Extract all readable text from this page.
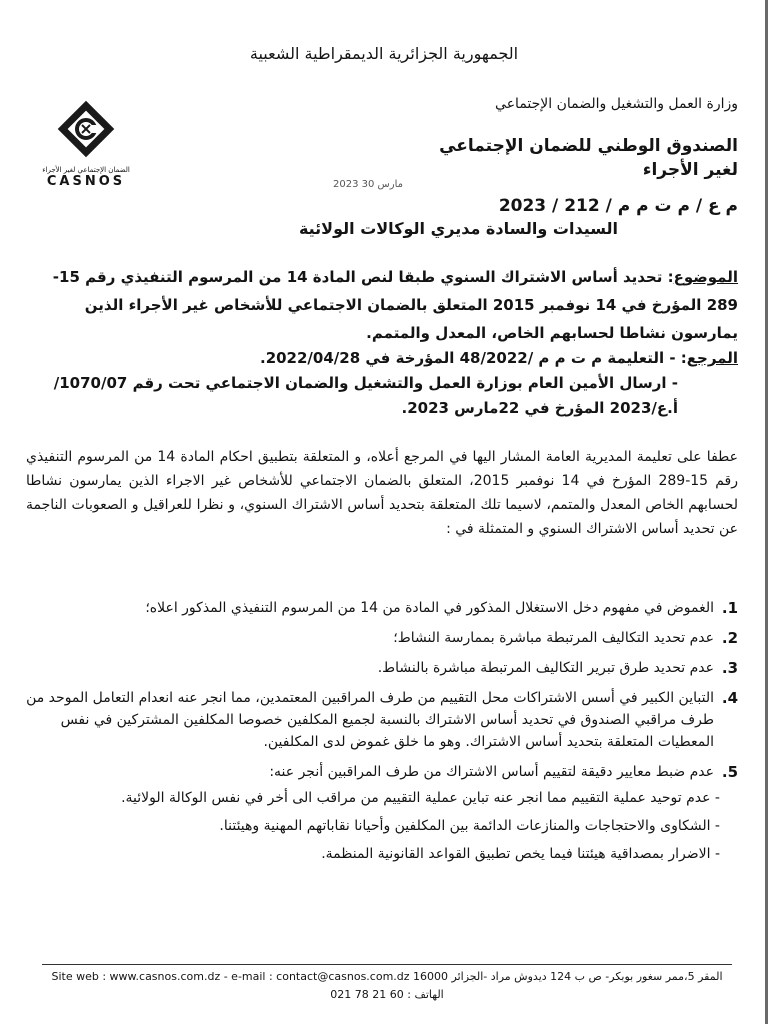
الجمهورية الجزائرية الديمقراطية الشعبية
الضمان الإجتماعي لغير الأجراء
CASNOS
وزارة العمل والتشغيل والضمان الإجتماعي
الصندوق الوطني للضمان الإجتماعي لغير الأجراء
2023 مارس 30
م ع / م ت م م / 212 / 2023
السيدات والسادة مديري الوكالات الولائية
الموضوع: تحديد أساس الاشتراك السنوي طبقا لنص المادة 14 من المرسوم التنفيذي رقم 15-289 المؤرخ في 14 نوفمبر 2015 المتعلق بالضمان الاجتماعي للأشخاص غير الأجراء الذين يمارسون نشاطا لحسابهم الخاص، المعدل والمتمم.
المرجع: - التعليمة م ت م م /48/2022 المؤرخة في 2022/04/28.
- ارسال الأمين العام بوزارة العمل والتشغيل والضمان الاجتماعي تحت رقم 1070/07/أ.ع/2023 المؤرخ في 22مارس 2023.
عطفا على تعليمة المديرية العامة المشار اليها في المرجع أعلاه، و المتعلقة بتطبيق احكام المادة 14 من المرسوم التنفيذي رقم 15-289 المؤرخ في 14 نوفمبر 2015، المتعلق بالضمان الاجتماعي للأشخاص غير الاجراء الذين يمارسون نشاطا لحسابهم الخاص المعدل والمتمم، لاسيما تلك المتعلقة بتحديد أساس الاشتراك السنوي، و نظرا للعراقيل و الصعوبات الناجمة عن تحديد أساس الاشتراك السنوي و المتمثلة في :
1.
الغموض في مفهوم دخل الاستغلال المذكور في المادة من 14 من المرسوم التنفيذي المذكور اعلاه؛
2.
عدم تحديد التكاليف المرتبطة مباشرة بممارسة النشاط؛
3.
عدم تحديد طرق تبرير التكاليف المرتبطة مباشرة بالنشاط.
4.
التباين الكبير في أسس الاشتراكات محل التقييم من طرف المراقبين المعتمدين، مما انجر عنه انعدام التعامل الموحد من طرف مراقبي الصندوق في تحديد أساس الاشتراك بالنسبة لجميع المكلفين خصوصا المكلفين المشتركين في نفس المعطيات المتعلقة بتحديد أساس الاشتراك. وهو ما خلق غموض لدى المكلفين.
5.
عدم ضبط معايير دقيقة لتقييم أساس الاشتراك من طرف المراقبين أنجر عنه:
- عدم توحيد عملية التقييم مما انجر عنه تباين عملية التقييم من مراقب الى أخر في نفس الوكالة الولائية.
- الشكاوى والاحتجاجات والمنازعات الدائمة بين المكلفين وأحيانا نقاباتهم المهنية وهيئتنا.
- الاضرار بمصداقية هيئتنا فيما يخص تطبيق القواعد القانونية المنظمة.
Site web : www.casnos.com.dz - e-mail : contact@casnos.com.dz 16000 المقر 5،ممر سغور بوبكر- ص ب 124 ديدوش مراد -الجزائر
الهاتف : 60 21 78 021
